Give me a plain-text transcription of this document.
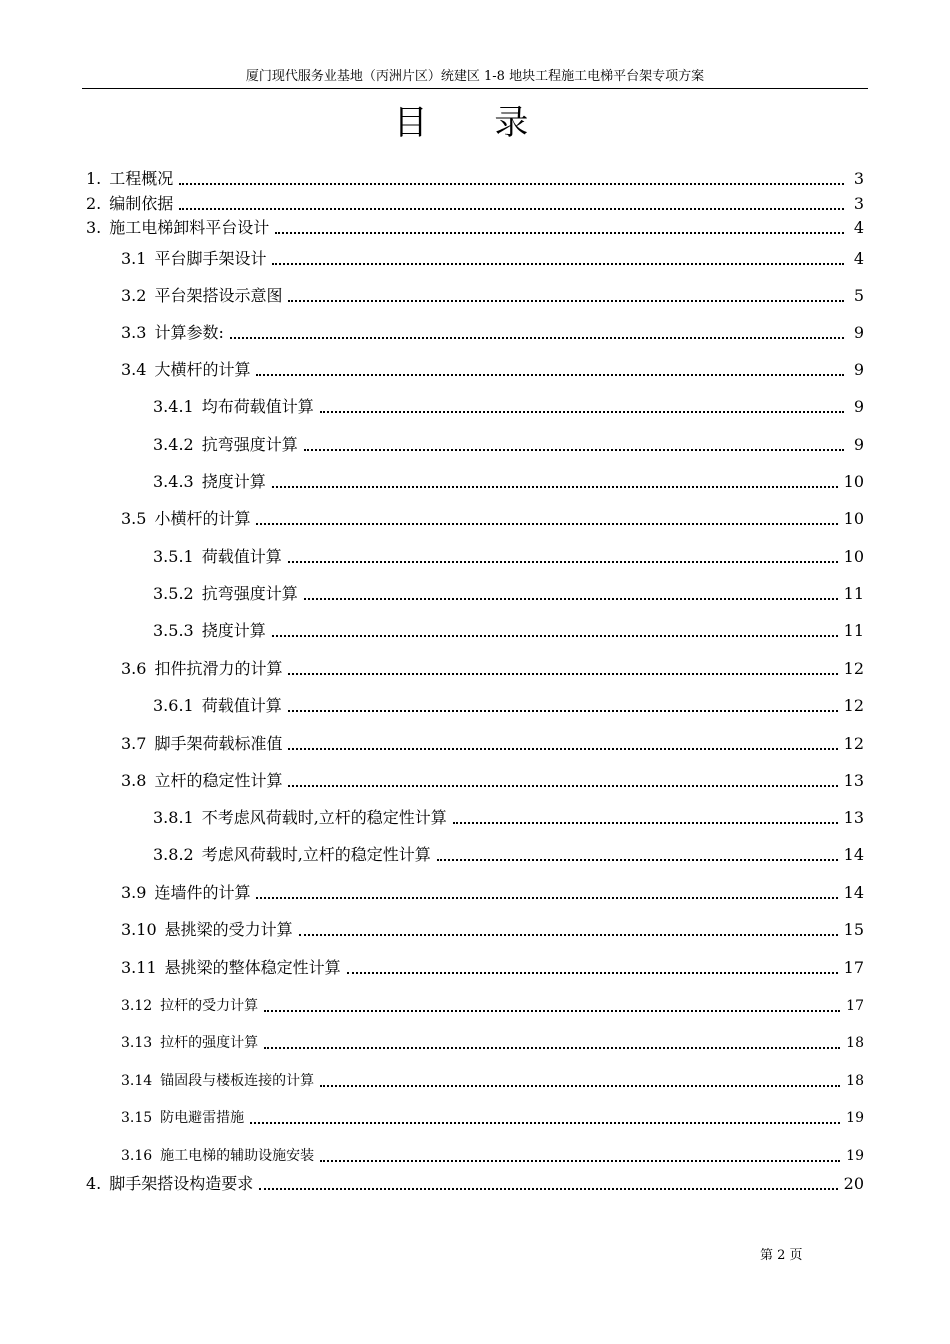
厦门现代服务业基地（丙洲片区）统建区 1-8 地块工程施工电梯平台架专项方案
目 录
1. 工程概况	3
2. 编制依据	3
3. 施工电梯卸料平台设计	4
3.1 平台脚手架设计	4
3.2 平台架搭设示意图	5
3.3 计算参数:	9
3.4 大横杆的计算	9
3.4.1 均布荷载值计算	9
3.4.2 抗弯强度计算	9
3.4.3 挠度计算	10
3.5 小横杆的计算	10
3.5.1 荷载值计算	10
3.5.2 抗弯强度计算	11
3.5.3 挠度计算	11
3.6 扣件抗滑力的计算	12
3.6.1 荷载值计算	12
3.7 脚手架荷载标准值	12
3.8 立杆的稳定性计算	13
3.8.1 不考虑风荷载时,立杆的稳定性计算	13
3.8.2 考虑风荷载时,立杆的稳定性计算	14
3.9 连墙件的计算	14
3.10 悬挑梁的受力计算	15
3.11 悬挑梁的整体稳定性计算	17
3.12 拉杆的受力计算	17
3.13 拉杆的强度计算	18
3.14 锚固段与楼板连接的计算	18
3.15 防电避雷措施	19
3.16 施工电梯的辅助设施安装	19
4. 脚手架搭设构造要求	20
第 2 页
